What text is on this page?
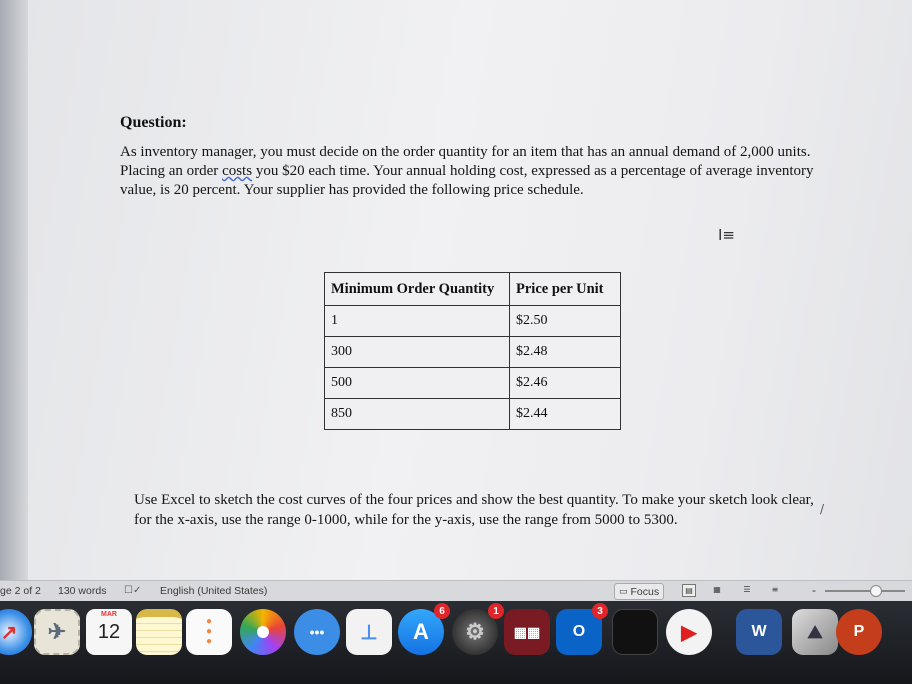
Question:
As inventory manager, you must decide on the order quantity for an item that has an annual demand of 2,000 units. Placing an order costs you $20 each time. Your annual holding cost, expressed as a percentage of average inventory value, is 20 percent. Your supplier has provided the following price schedule.
I≡
Minimum Order Quantity	Price per Unit
1	$2.50
300	$2.48
500	$2.46
850	$2.44
Use Excel to sketch the cost curves of the four prices and show the best quantity. To make your sketch look clear, for the x-axis, use the range 0-1000, while for the y-axis, use the range from 5000 to 5300.
/
ge 2 of 2 130 words ☐✓ English (United States)	▭ Focus	▤	▦	☰	≡	-
↗ ✈
MAR
12	●
●
●
••• ⊥ A
6
⚙
1
▦▦ O
3
▶	W ⛰ P
